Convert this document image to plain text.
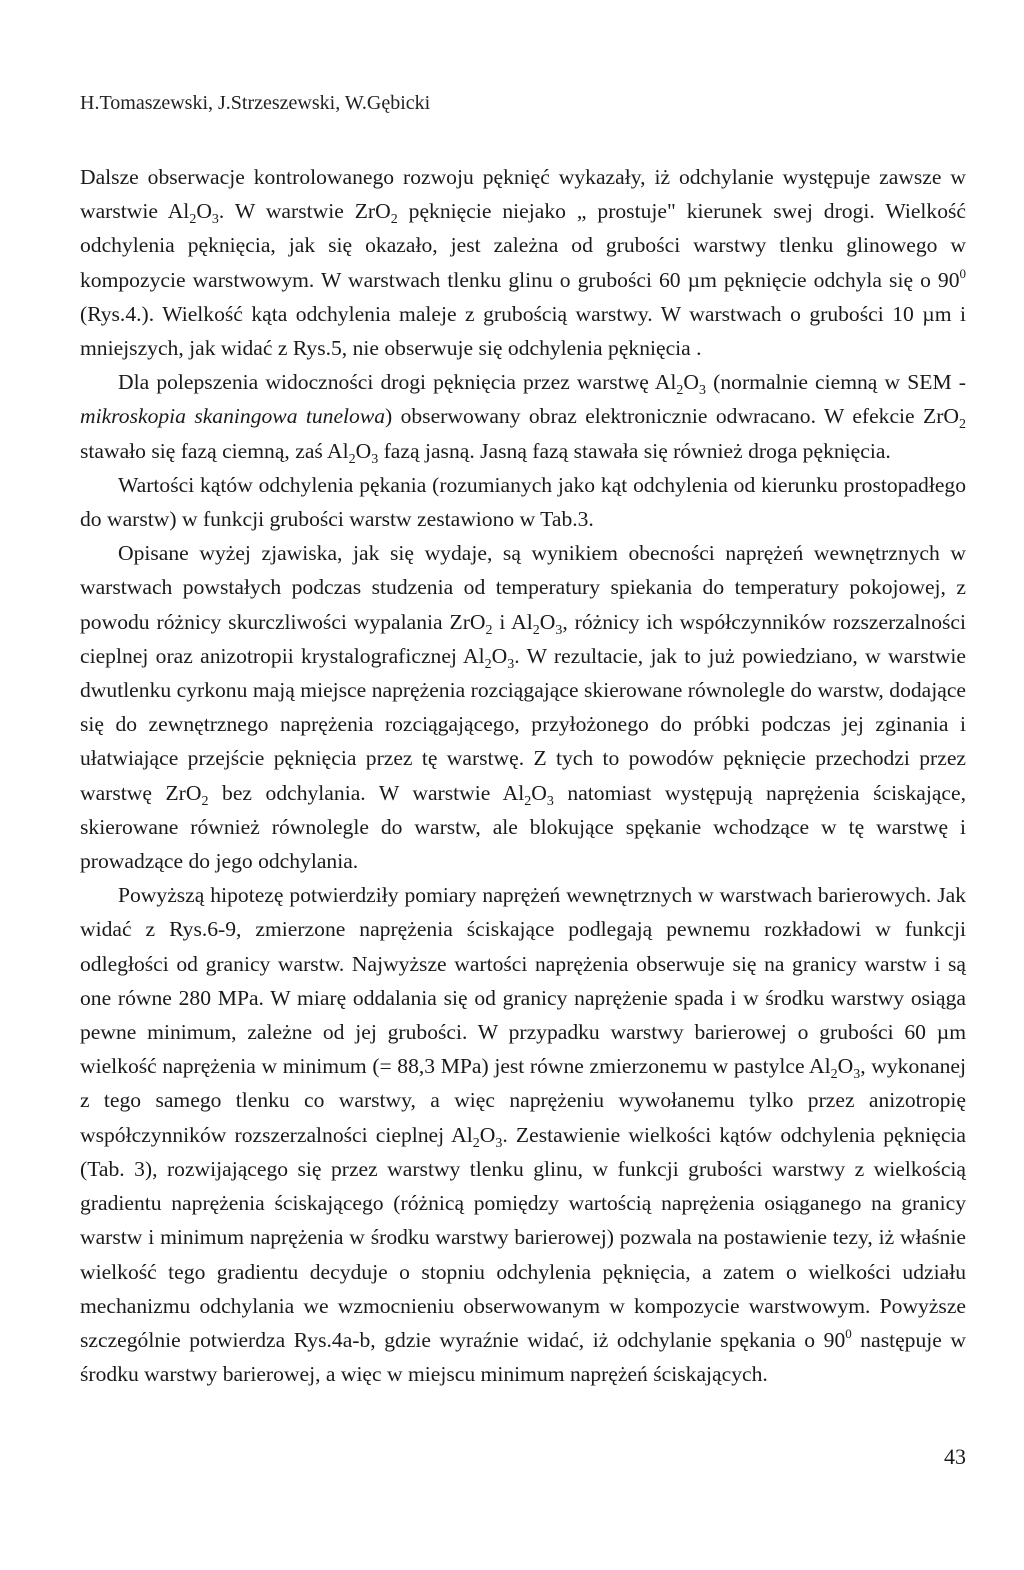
H.Tomaszewski, J.Strzeszewski, W.Gębicki

Dalsze obserwacje kontrolowanego rozwoju pęknięć wykazały, iż odchylanie występuje zawsze w warstwie $Al_2O_3$. W warstwie ZrO$_2$ pęknięcie niejako „ prostuje" kierunek swej drogi. Wielkość odchylenia pęknięcia, jak się okazało, jest zależna od grubości warstwy tlenku glinowego w kompozycie warstwowym. W warstwach tlenku glinu o grubości 60 µm pęknięcie odchyla się o $90^0$ (Rys.4.). Wielkość kąta odchylenia maleje z grubością warstwy. W warstwach o grubości 10 µm i mniejszych, jak widać z Rys.5, nie obserwuje się odchylenia pęknięcia .

Dla polepszenia widoczności drogi pęknięcia przez warstwę $Al_2O_3$ (normalnie ciemną w SEM - mikroskopia skaningowa tunelowa) obserwowany obraz elektronicznie odwracano. W efekcie ZrO$_2$ stawało się fazą ciemną, zaś $Al_2O_3$ fazą jasną. Jasną fazą stawała się również droga pęknięcia.

Wartości kątów odchylenia pękania (rozumianych jako kąt odchylenia od kierunku prostopadłego do warstw) w funkcji grubości warstw zestawiono w Tab.3.

Opisane wyżej zjawiska, jak się wydaje, są wynikiem obecności naprężeń wewnętrznych w warstwach powstałych podczas studzenia od temperatury spiekania do temperatury pokojowej, z powodu różnicy skurczliwości wypalania ZrO$_2$ i $Al_2O_3$, różnicy ich współczynników rozszerzalności cieplnej oraz anizotropii krystalograficznej $Al_2O_3$. W rezultacie, jak to już powiedziano, w warstwie dwutlenku cyrkonu mają miejsce naprężenia rozciągające skierowane równolegle do warstw, dodające się do zewnętrznego naprężenia rozciągającego, przyłożonego do próbki podczas jej zginania i ułatwiające przejście pęknięcia przez tę warstwę. Z tych to powodów pęknięcie przechodzi przez warstwę ZrO$_2$ bez odchylania. W warstwie $Al_2O_3$ natomiast występują naprężenia ściskające, skierowane również równolegle do warstw, ale blokujące spękanie wchodzące w tę warstwę i prowadzące do jego odchylania.

Powyższą hipotezę potwierdziły pomiary naprężeń wewnętrznych w warstwach barierowych. Jak widać z Rys.6-9, zmierzone naprężenia ściskające podlegają pewnemu rozkładowi w funkcji odległości od granicy warstw. Najwyższe wartości naprężenia obserwuje się na granicy warstw i są one równe 280 MPa. W miarę oddalania się od granicy naprężenie spada i w środku warstwy osiąga pewne minimum, zależne od jej grubości. W przypadku warstwy barierowej o grubości 60 µm wielkość naprężenia w minimum (= 88,3 MPa) jest równe zmierzonemu w pastylce $Al_2O_3$, wykonanej z tego samego tlenku co warstwy, a więc naprężeniu wywołanemu tylko przez anizotropię współczynników rozszerzalności cieplnej $Al_2O_3$. Zestawienie wielkości kątów odchylenia pęknięcia (Tab. 3), rozwijającego się przez warstwy tlenku glinu, w funkcji grubości warstwy z wielkością gradientu naprężenia ściskającego (różnicą pomiędzy wartością naprężenia osiąganego na granicy warstw i minimum naprężenia w środku warstwy barierowej) pozwala na postawienie tezy, iż właśnie wielkość tego gradientu decyduje o stopniu odchylenia pęknięcia, a zatem o wielkości udziału mechanizmu odchylania we wzmocnieniu obserwowanym w kompozycie warstwowym. Powyższe szczególnie potwierdza Rys.4a-b, gdzie wyraźnie widać, iż odchylanie spękania o $90^0$ następuje w środku warstwy barierowej, a więc w miejscu minimum naprężeń ściskających.

43
